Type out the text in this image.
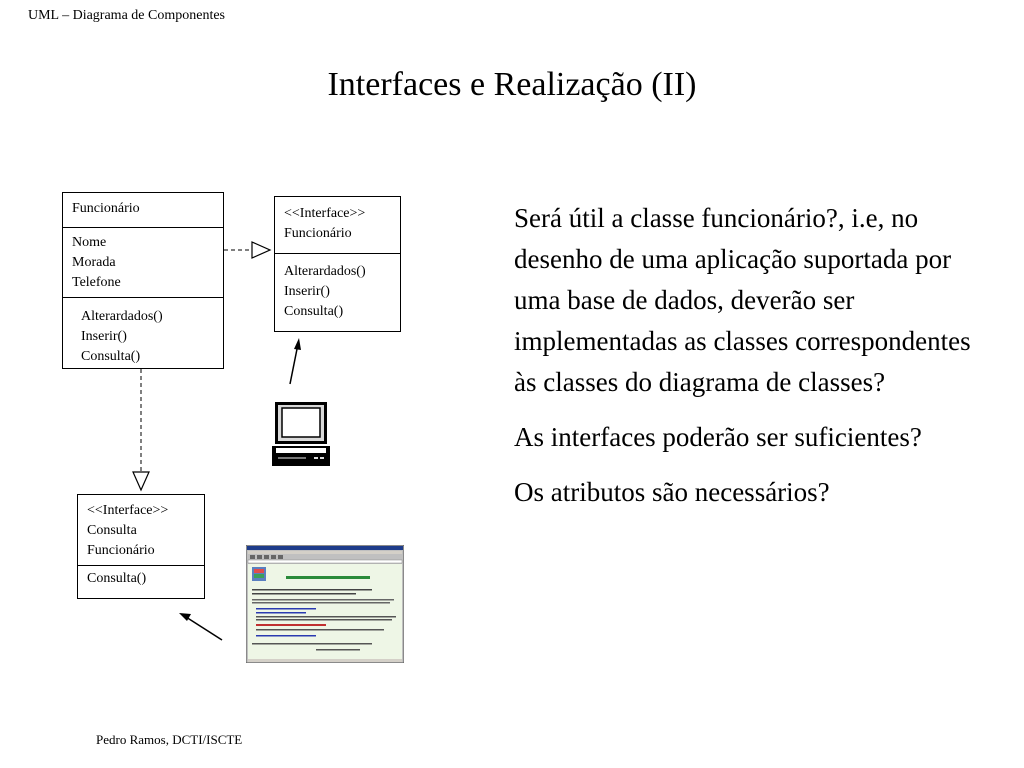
UML – Diagrama de Componentes
Interfaces e Realização (II)
Funcionário
Nome
Morada
Telefone
Alterardados()
Inserir()
Consulta()
<<Interface>>
Funcionário
Alterardados()
Inserir()
Consulta()
<<Interface>>
Consulta
Funcionário
Consulta()

Será útil a classe funcionário?, i.e, no desenho de uma aplicação suportada por uma base de dados, deverão ser implementadas as classes correspondentes às classes do diagrama de classes?

As interfaces poderão ser suficientes?

Os atributos são necessários?

Pedro Ramos, DCTI/ISCTE
